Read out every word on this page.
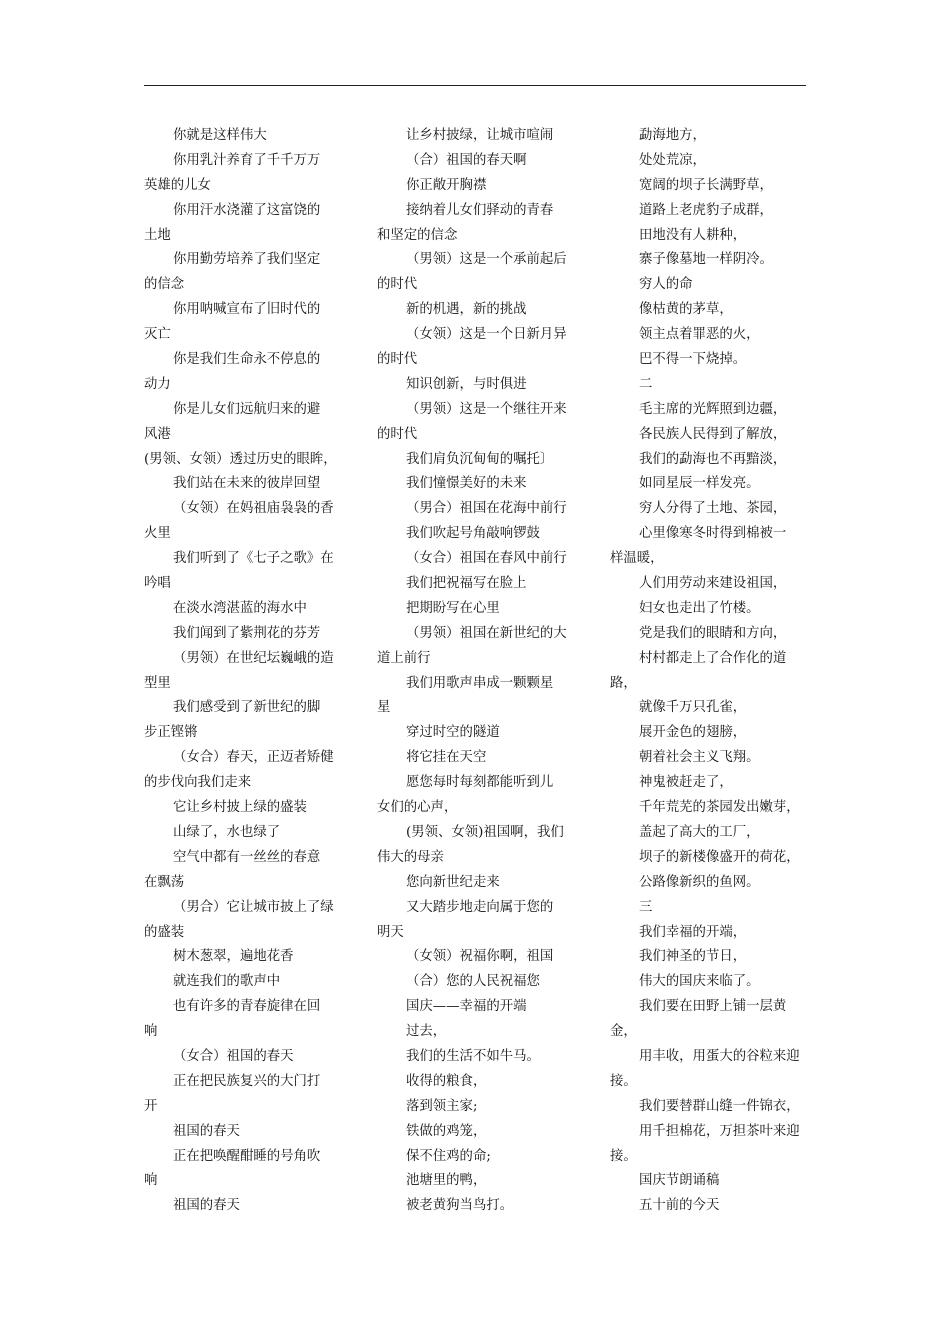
你就是这样伟大
你用乳汁养育了千千万万
英雄的儿女
你用汗水浇灌了这富饶的
土地
你用勤劳培养了我们坚定
的信念
你用呐喊宣布了旧时代的
灭亡
你是我们生命永不停息的
动力
你是儿女们远航归来的避
风港
(男领、女领）透过历史的眼眸，
我们站在未来的彼岸回望
（女领）在妈祖庙袅袅的香
火里
我们听到了《七子之歌》在
吟唱
在淡水湾湛蓝的海水中
我们闻到了紫荆花的芬芳
（男领）在世纪坛巍峨的造
型里
我们感受到了新世纪的脚
步正铿锵
（女合）春天，正迈者矫健
的步伐向我们走来
它让乡村披上绿的盛装
山绿了，水也绿了
空气中都有一丝丝的春意
在飘荡
（男合）它让城市披上了绿
的盛装
树木葱翠，遍地花香
就连我们的歌声中
也有许多的青春旋律在回
响
（女合）祖国的春天
正在把民族复兴的大门打
开
祖国的春天
正在把唤醒酣睡的号角吹
响
祖国的春天
让乡村披绿，让城市喧闹
（合）祖国的春天啊
你正敞开胸襟
接纳着儿女们驿动的青春
和坚定的信念
（男领）这是一个承前起后
的时代
新的机遇，新的挑战
（女领）这是一个日新月异
的时代
知识创新，与时俱进
（男领）这是一个继往开来
的时代
我们肩负沉甸甸的嘱托〕
我们憧憬美好的未来
（男合）祖国在花海中前行
我们吹起号角敲响锣鼓
（女合）祖国在春风中前行
我们把祝福写在脸上
把期盼写在心里
（男领）祖国在新世纪的大
道上前行
我们用歌声串成一颗颗星
星
穿过时空的隧道
将它挂在天空
愿您每时每刻都能听到儿
女们的心声，
(男领、女领)祖国啊，我们
伟大的母亲
您向新世纪走来
又大踏步地走向属于您的
明天
（女领）祝福你啊，祖国
（合）您的人民祝福您
国庆——幸福的开端
过去，
我们的生活不如牛马。
收得的粮食，
落到领主家;
铁做的鸡笼，
保不住鸡的命;
池塘里的鸭，
被老黄狗当鸟打。
勐海地方，
处处荒凉，
宽阔的坝子长满野草，
道路上老虎豹子成群，
田地没有人耕种，
寨子像墓地一样阴冷。
穷人的命
像枯黄的茅草，
领主点着罪恶的火，
巴不得一下烧掉。
二
毛主席的光辉照到边疆，
各民族人民得到了解放，
我们的勐海也不再黯淡，
如同星辰一样发亮。
穷人分得了土地、茶园，
心里像寒冬时得到棉被一
样温暖，
人们用劳动来建设祖国，
妇女也走出了竹楼。
党是我们的眼睛和方向，
村村都走上了合作化的道
路，
就像千万只孔雀，
展开金色的翅膀，
朝着社会主义飞翔。
神鬼被赶走了，
千年荒芜的茶园发出嫩芽，
盖起了高大的工厂，
坝子的新楼像盛开的荷花，
公路像新织的鱼网。
三
我们幸福的开端，
我们神圣的节日，
伟大的国庆来临了。
我们要在田野上铺一层黄
金，
用丰收，用蛋大的谷粒来迎
接。
我们要替群山缝一件锦衣，
用千担棉花，万担茶叶来迎
接。
国庆节朗诵稿
五十前的今天
